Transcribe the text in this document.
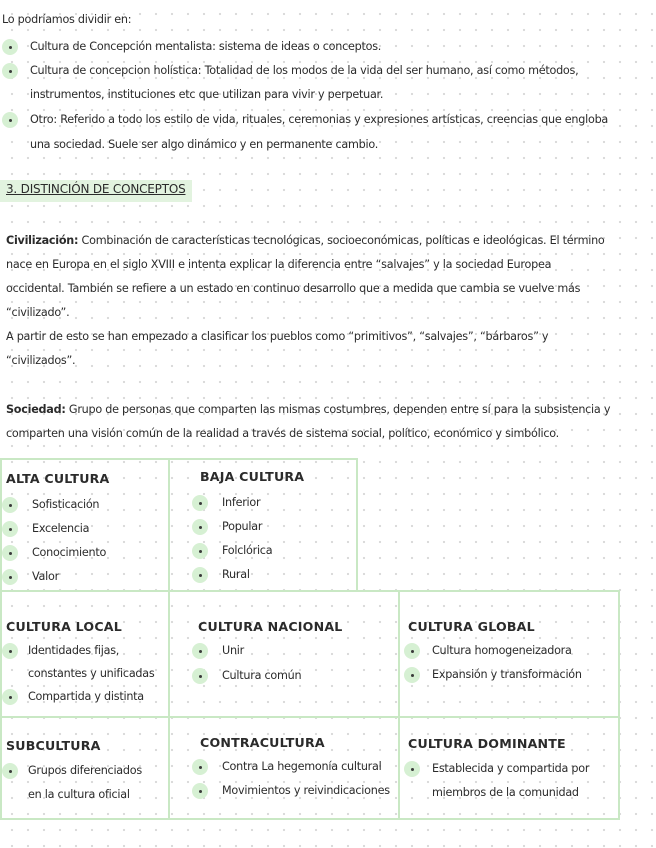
Lo podríamos dividir en:
Cultura de Concepción mentalista: sistema de ideas o conceptos.
Cultura de concepcion holística: Totalidad de los modos de la vida del ser humano, así como métodos,
instrumentos, instituciones etc que utilizan para vivir y perpetuar.
Otro: Referido a todo los estilo de vida, rituales, ceremonias y expresiones artísticas, creencias que engloba
una sociedad. Suele ser algo dinámico y en permanente cambio.
3. DISTINCIÓN DE CONCEPTOS
Civilización: Combinación de características tecnológicas, socioeconómicas, políticas e ideológicas. El término
nace en Europa en el siglo XVIII e intenta explicar la diferencia entre “salvajes” y la sociedad Europea
occidental. También se refiere a un estado en continuo desarrollo que a medida que cambia se vuelve más
“civilizado”.
A partir de esto se han empezado a clasificar los pueblos como “primitivos”, “salvajes”, “bárbaros” y
“civilizados”.
Sociedad: Grupo de personas que comparten las mismas costumbres, dependen entre sí para la subsistencia y
comparten una visión común de la realidad a través de sistema social, político, económico y simbólico.
ALTA CULTURA
Sofisticación
Excelencia
Conocimiento
Valor
BAJA CULTURA
Inferior
Popular
Folclórica
Rural
CULTURA LOCAL
Identidades fijas,
constantes y unificadas
Compartida y distinta
CULTURA NACIONAL
Unir
Cultura común
CULTURA GLOBAL
Cultura homogeneizadora
Expansión y transformación
SUBCULTURA
Grupos diferenciados
en la cultura oficial
CONTRACULTURA
Contra La hegemonía cultural
Movimientos y reivindicaciones
CULTURA DOMINANTE
Establecida y compartida por
miembros de la comunidad
